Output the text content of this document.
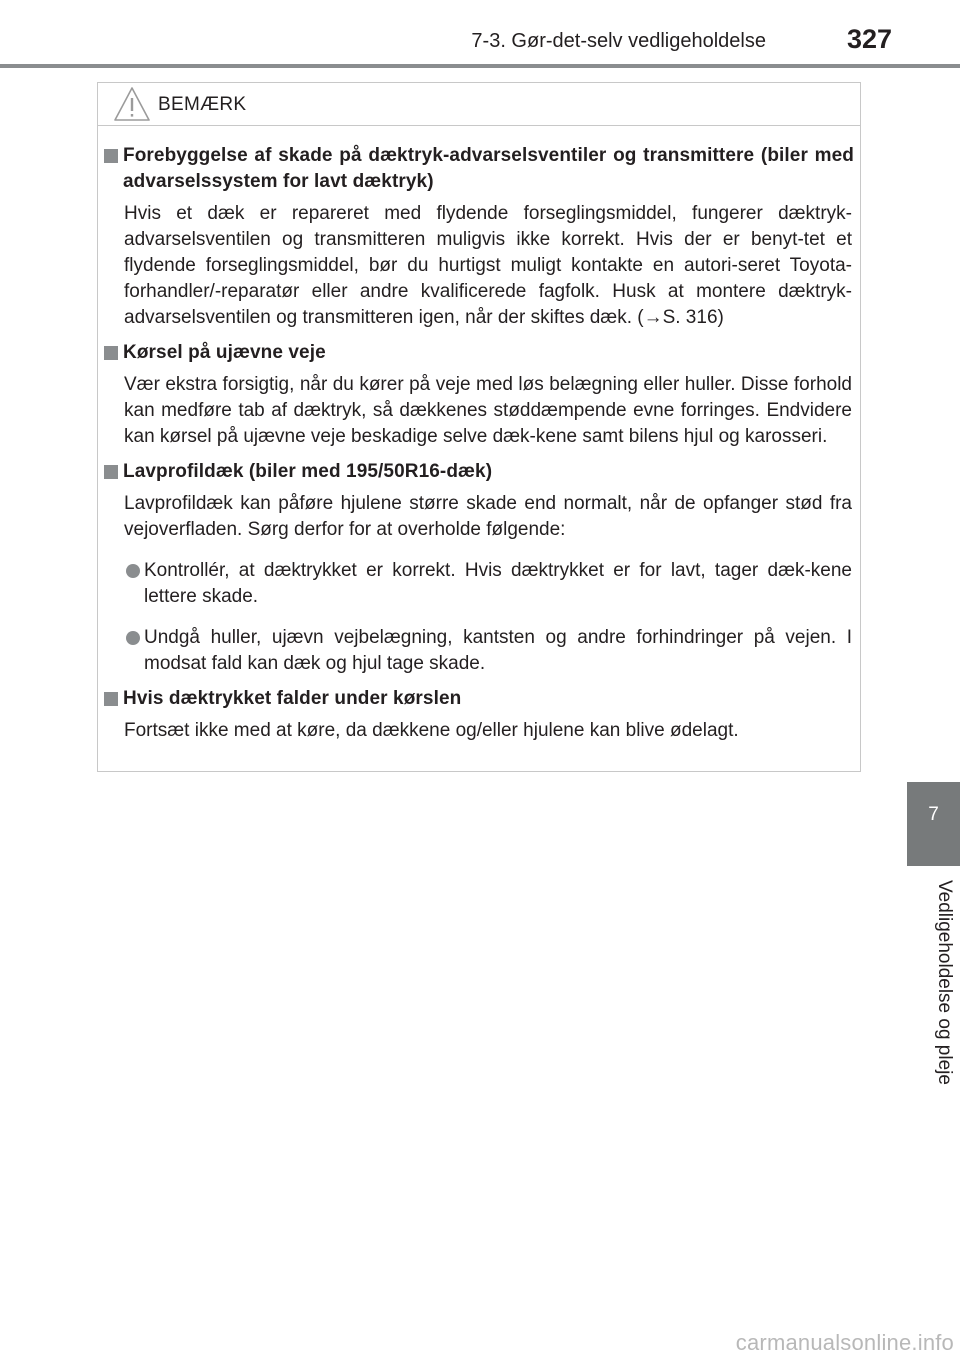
7-3. Gør-det-selv vedligeholdelse	327
BEMÆRK
Forebyggelse af skade på dæktryk-advarselsventiler og transmittere (biler med advarselssystem for lavt dæktryk)
Hvis et dæk er repareret med flydende forseglingsmiddel, fungerer dæktryk-advarselsventilen og transmitteren muligvis ikke korrekt. Hvis der er benyt-tet et flydende forseglingsmiddel, bør du hurtigst muligt kontakte en autori-seret Toyota-forhandler/-reparatør eller andre kvalificerede fagfolk. Husk at montere dæktryk-advarselsventilen og transmitteren igen, når der skiftes dæk. (→S. 316)
Kørsel på ujævne veje
Vær ekstra forsigtig, når du kører på veje med løs belægning eller huller. Disse forhold kan medføre tab af dæktryk, så dækkenes støddæmpende evne forringes. Endvidere kan kørsel på ujævne veje beskadige selve dæk-kene samt bilens hjul og karosseri.
Lavprofildæk (biler med 195/50R16-dæk)
Lavprofildæk kan påføre hjulene større skade end normalt, når de opfanger stød fra vejoverfladen. Sørg derfor for at overholde følgende:
Kontrollér, at dæktrykket er korrekt. Hvis dæktrykket er for lavt, tager dæk-kene lettere skade.
Undgå huller, ujævn vejbelægning, kantsten og andre forhindringer på vejen. I modsat fald kan dæk og hjul tage skade.
Hvis dæktrykket falder under kørslen
Fortsæt ikke med at køre, da dækkene og/eller hjulene kan blive ødelagt.
7
Vedligeholdelse og pleje
carmanualsonline.info
